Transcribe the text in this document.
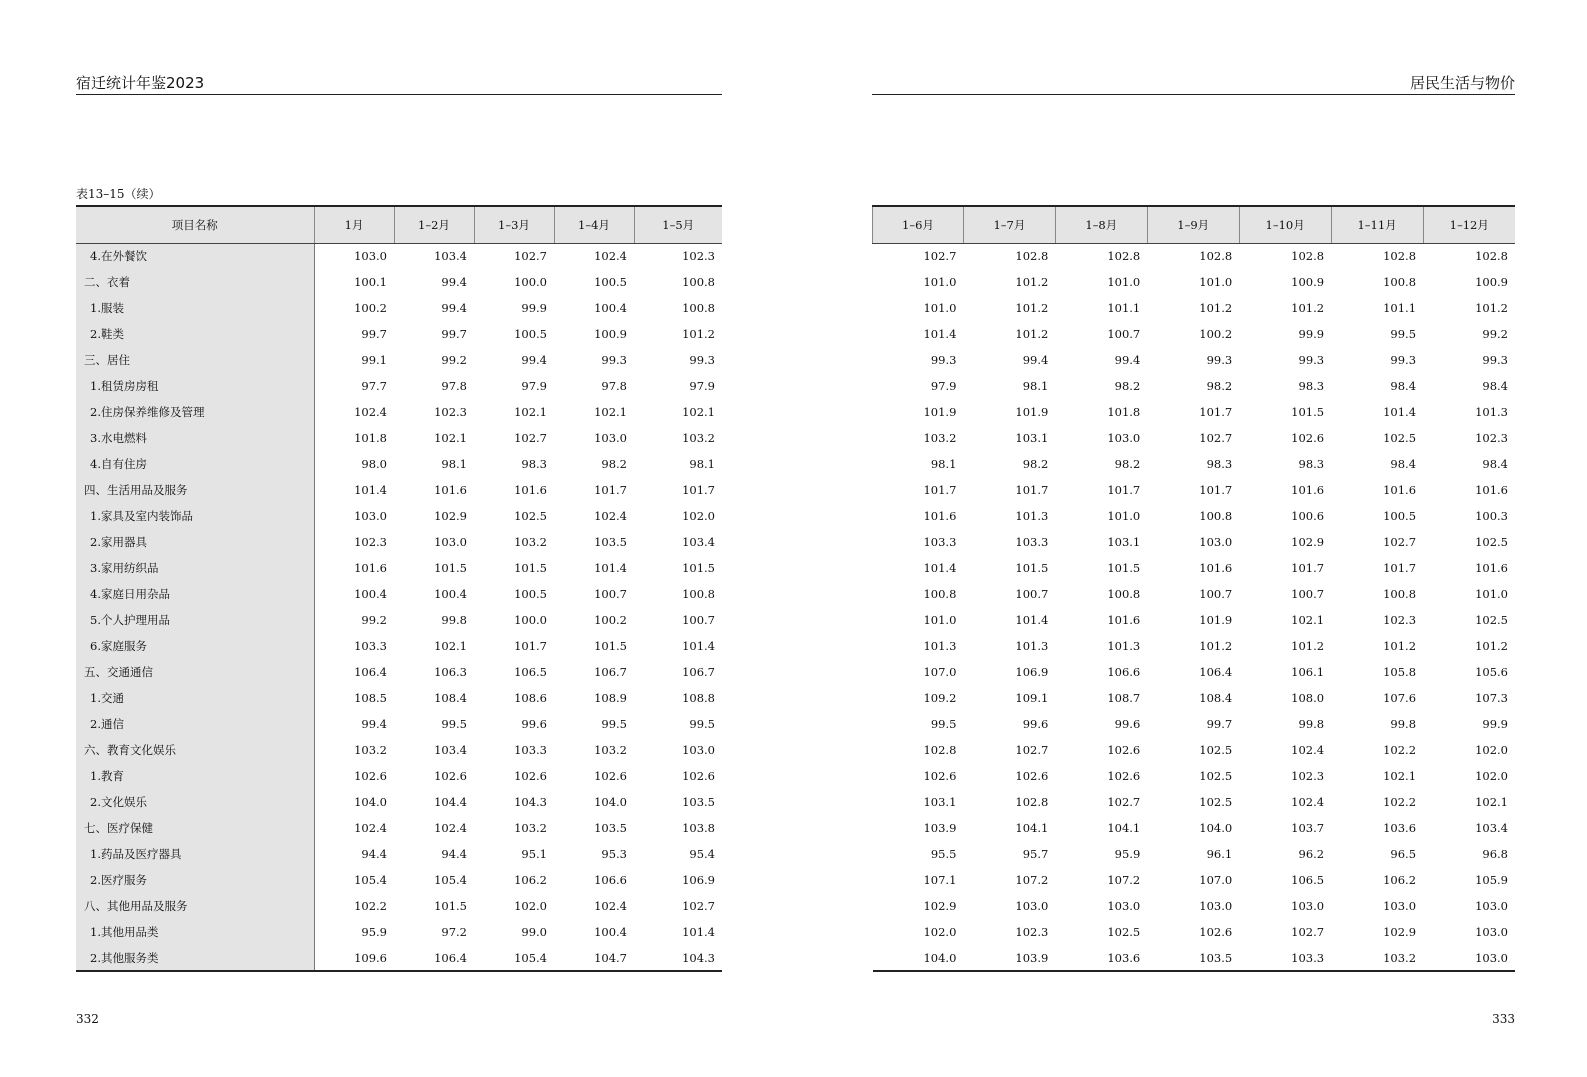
宿迁统计年鉴2023	居民生活与物价
表13–15（续）
项目名称	1月	1–2月	1–3月	1–4月	1–5月
4.在外餐饮	103.0	103.4	102.7	102.4	102.3
二、衣着	100.1	99.4	100.0	100.5	100.8
1.服装	100.2	99.4	99.9	100.4	100.8
2.鞋类	99.7	99.7	100.5	100.9	101.2
三、居住	99.1	99.2	99.4	99.3	99.3
1.租赁房房租	97.7	97.8	97.9	97.8	97.9
2.住房保养维修及管理	102.4	102.3	102.1	102.1	102.1
3.水电燃料	101.8	102.1	102.7	103.0	103.2
4.自有住房	98.0	98.1	98.3	98.2	98.1
四、生活用品及服务	101.4	101.6	101.6	101.7	101.7
1.家具及室内装饰品	103.0	102.9	102.5	102.4	102.0
2.家用器具	102.3	103.0	103.2	103.5	103.4
3.家用纺织品	101.6	101.5	101.5	101.4	101.5
4.家庭日用杂品	100.4	100.4	100.5	100.7	100.8
5.个人护理用品	99.2	99.8	100.0	100.2	100.7
6.家庭服务	103.3	102.1	101.7	101.5	101.4
五、交通通信	106.4	106.3	106.5	106.7	106.7
1.交通	108.5	108.4	108.6	108.9	108.8
2.通信	99.4	99.5	99.6	99.5	99.5
六、教育文化娱乐	103.2	103.4	103.3	103.2	103.0
1.教育	102.6	102.6	102.6	102.6	102.6
2.文化娱乐	104.0	104.4	104.3	104.0	103.5
七、医疗保健	102.4	102.4	103.2	103.5	103.8
1.药品及医疗器具	94.4	94.4	95.1	95.3	95.4
2.医疗服务	105.4	105.4	106.2	106.6	106.9
八、其他用品及服务	102.2	101.5	102.0	102.4	102.7
1.其他用品类	95.9	97.2	99.0	100.4	101.4
2.其他服务类	109.6	106.4	105.4	104.7	104.3
1–6月	1–7月	1–8月	1–9月	1–10月	1–11月	1–12月
102.7	102.8	102.8	102.8	102.8	102.8	102.8
101.0	101.2	101.0	101.0	100.9	100.8	100.9
101.0	101.2	101.1	101.2	101.2	101.1	101.2
101.4	101.2	100.7	100.2	99.9	99.5	99.2
99.3	99.4	99.4	99.3	99.3	99.3	99.3
97.9	98.1	98.2	98.2	98.3	98.4	98.4
101.9	101.9	101.8	101.7	101.5	101.4	101.3
103.2	103.1	103.0	102.7	102.6	102.5	102.3
98.1	98.2	98.2	98.3	98.3	98.4	98.4
101.7	101.7	101.7	101.7	101.6	101.6	101.6
101.6	101.3	101.0	100.8	100.6	100.5	100.3
103.3	103.3	103.1	103.0	102.9	102.7	102.5
101.4	101.5	101.5	101.6	101.7	101.7	101.6
100.8	100.7	100.8	100.7	100.7	100.8	101.0
101.0	101.4	101.6	101.9	102.1	102.3	102.5
101.3	101.3	101.3	101.2	101.2	101.2	101.2
107.0	106.9	106.6	106.4	106.1	105.8	105.6
109.2	109.1	108.7	108.4	108.0	107.6	107.3
99.5	99.6	99.6	99.7	99.8	99.8	99.9
102.8	102.7	102.6	102.5	102.4	102.2	102.0
102.6	102.6	102.6	102.5	102.3	102.1	102.0
103.1	102.8	102.7	102.5	102.4	102.2	102.1
103.9	104.1	104.1	104.0	103.7	103.6	103.4
95.5	95.7	95.9	96.1	96.2	96.5	96.8
107.1	107.2	107.2	107.0	106.5	106.2	105.9
102.9	103.0	103.0	103.0	103.0	103.0	103.0
102.0	102.3	102.5	102.6	102.7	102.9	103.0
104.0	103.9	103.6	103.5	103.3	103.2	103.0
332	333
